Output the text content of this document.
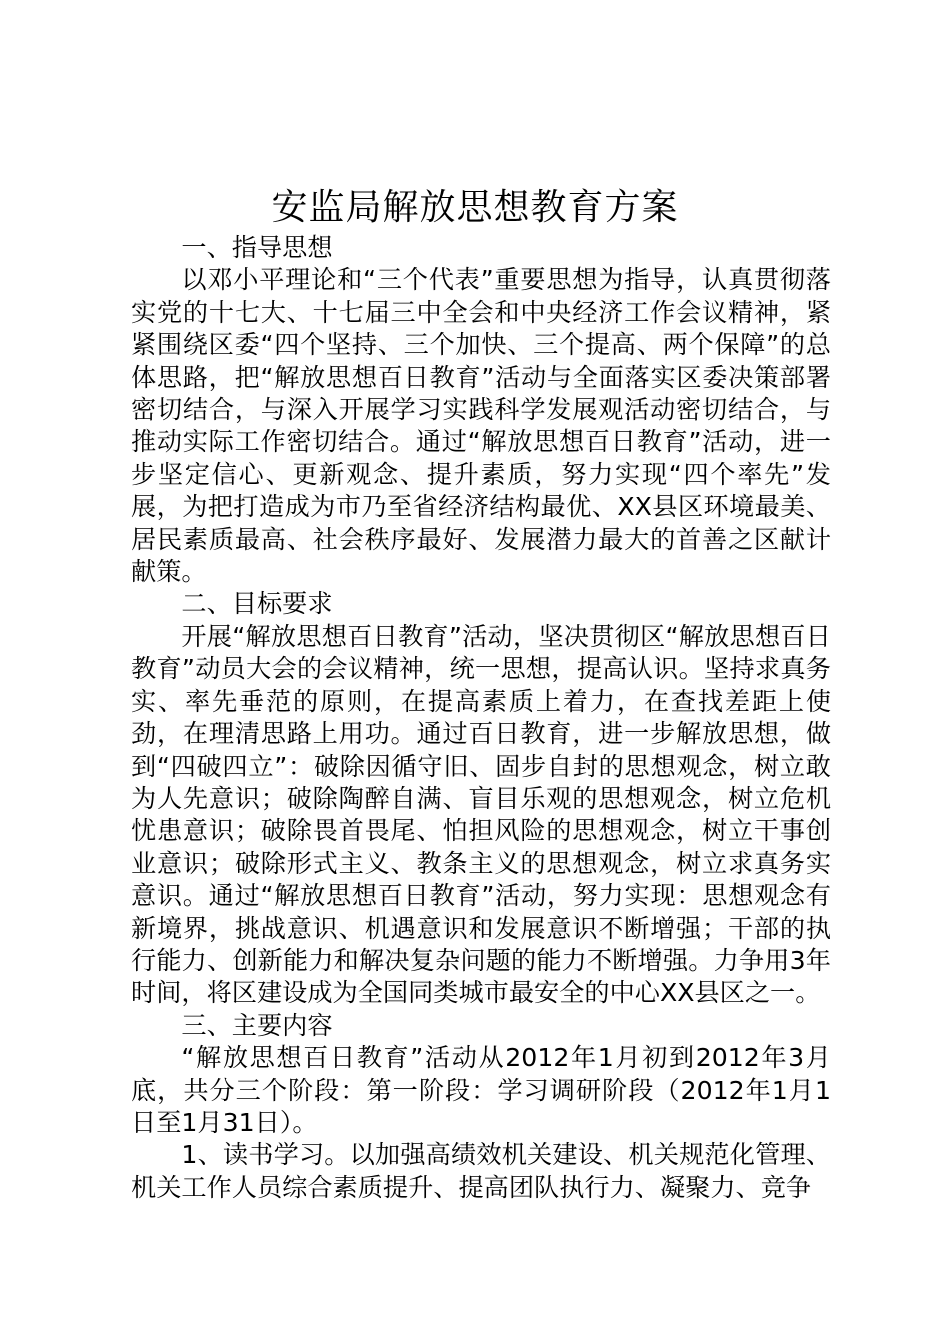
安监局解放思想教育方案

一、指导思想

以邓小平理论和“三个代表”重要思想为指导，认真贯彻落实党的十七大、十七届三中全会和中央经济工作会议精神，紧紧围绕区委“四个坚持、三个加快、三个提高、两个保障”的总体思路，把“解放思想百日教育”活动与全面落实区委决策部署密切结合，与深入开展学习实践科学发展观活动密切结合，与推动实际工作密切结合。通过“解放思想百日教育”活动，进一步坚定信心、更新观念、提升素质，努力实现“四个率先”发展，为把打造成为市乃至省经济结构最优、XX县区环境最美、居民素质最高、社会秩序最好、发展潜力最大的首善之区献计献策。

二、目标要求

开展“解放思想百日教育”活动，坚决贯彻区“解放思想百日教育”动员大会的会议精神，统一思想，提高认识。坚持求真务实、率先垂范的原则，在提高素质上着力，在查找差距上使劲，在理清思路上用功。通过百日教育，进一步解放思想，做到“四破四立”：破除因循守旧、固步自封的思想观念，树立敢为人先意识；破除陶醉自满、盲目乐观的思想观念，树立危机忧患意识；破除畏首畏尾、怕担风险的思想观念，树立干事创业意识；破除形式主义、教条主义的思想观念，树立求真务实意识。通过“解放思想百日教育”活动，努力实现：思想观念有新境界，挑战意识、机遇意识和发展意识不断增强；干部的执行能力、创新能力和解决复杂问题的能力不断增强。力争用3年时间，将区建设成为全国同类城市最安全的中心XX县区之一。

三、主要内容

“解放思想百日教育”活动从2012年1月初到2012年3月底，共分三个阶段：第一阶段：学习调研阶段（2012年1月1日至1月31日）。

1、读书学习。以加强高绩效机关建设、机关规范化管理、机关工作人员综合素质提升、提高团队执行力、凝聚力、竞争
